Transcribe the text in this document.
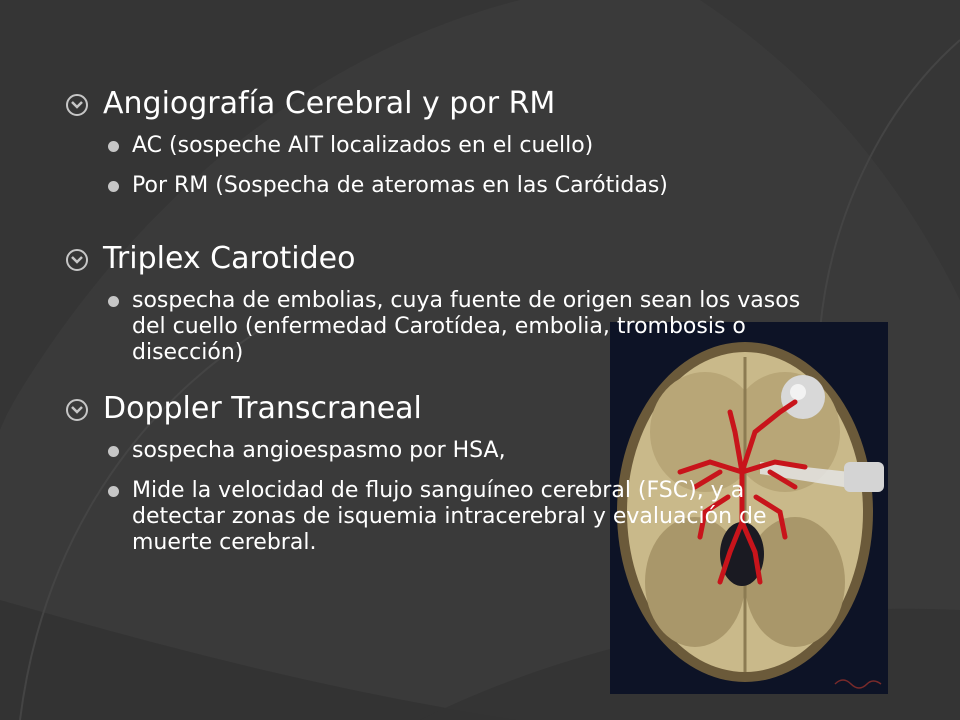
Angiografía Cerebral y por RM
AC (sospeche AIT localizados en el cuello)
Por RM (Sospecha de ateromas en las Carótidas)
Triplex Carotideo
sospecha de embolias, cuya fuente de origen sean los vasos del cuello (enfermedad Carotídea, embolia, trombosis o disección)
Doppler Transcraneal
sospecha angioespasmo por HSA,
Mide la velocidad de flujo sanguíneo cerebral (FSC), y a detectar zonas de isquemia intracerebral y evaluación de muerte cerebral.
